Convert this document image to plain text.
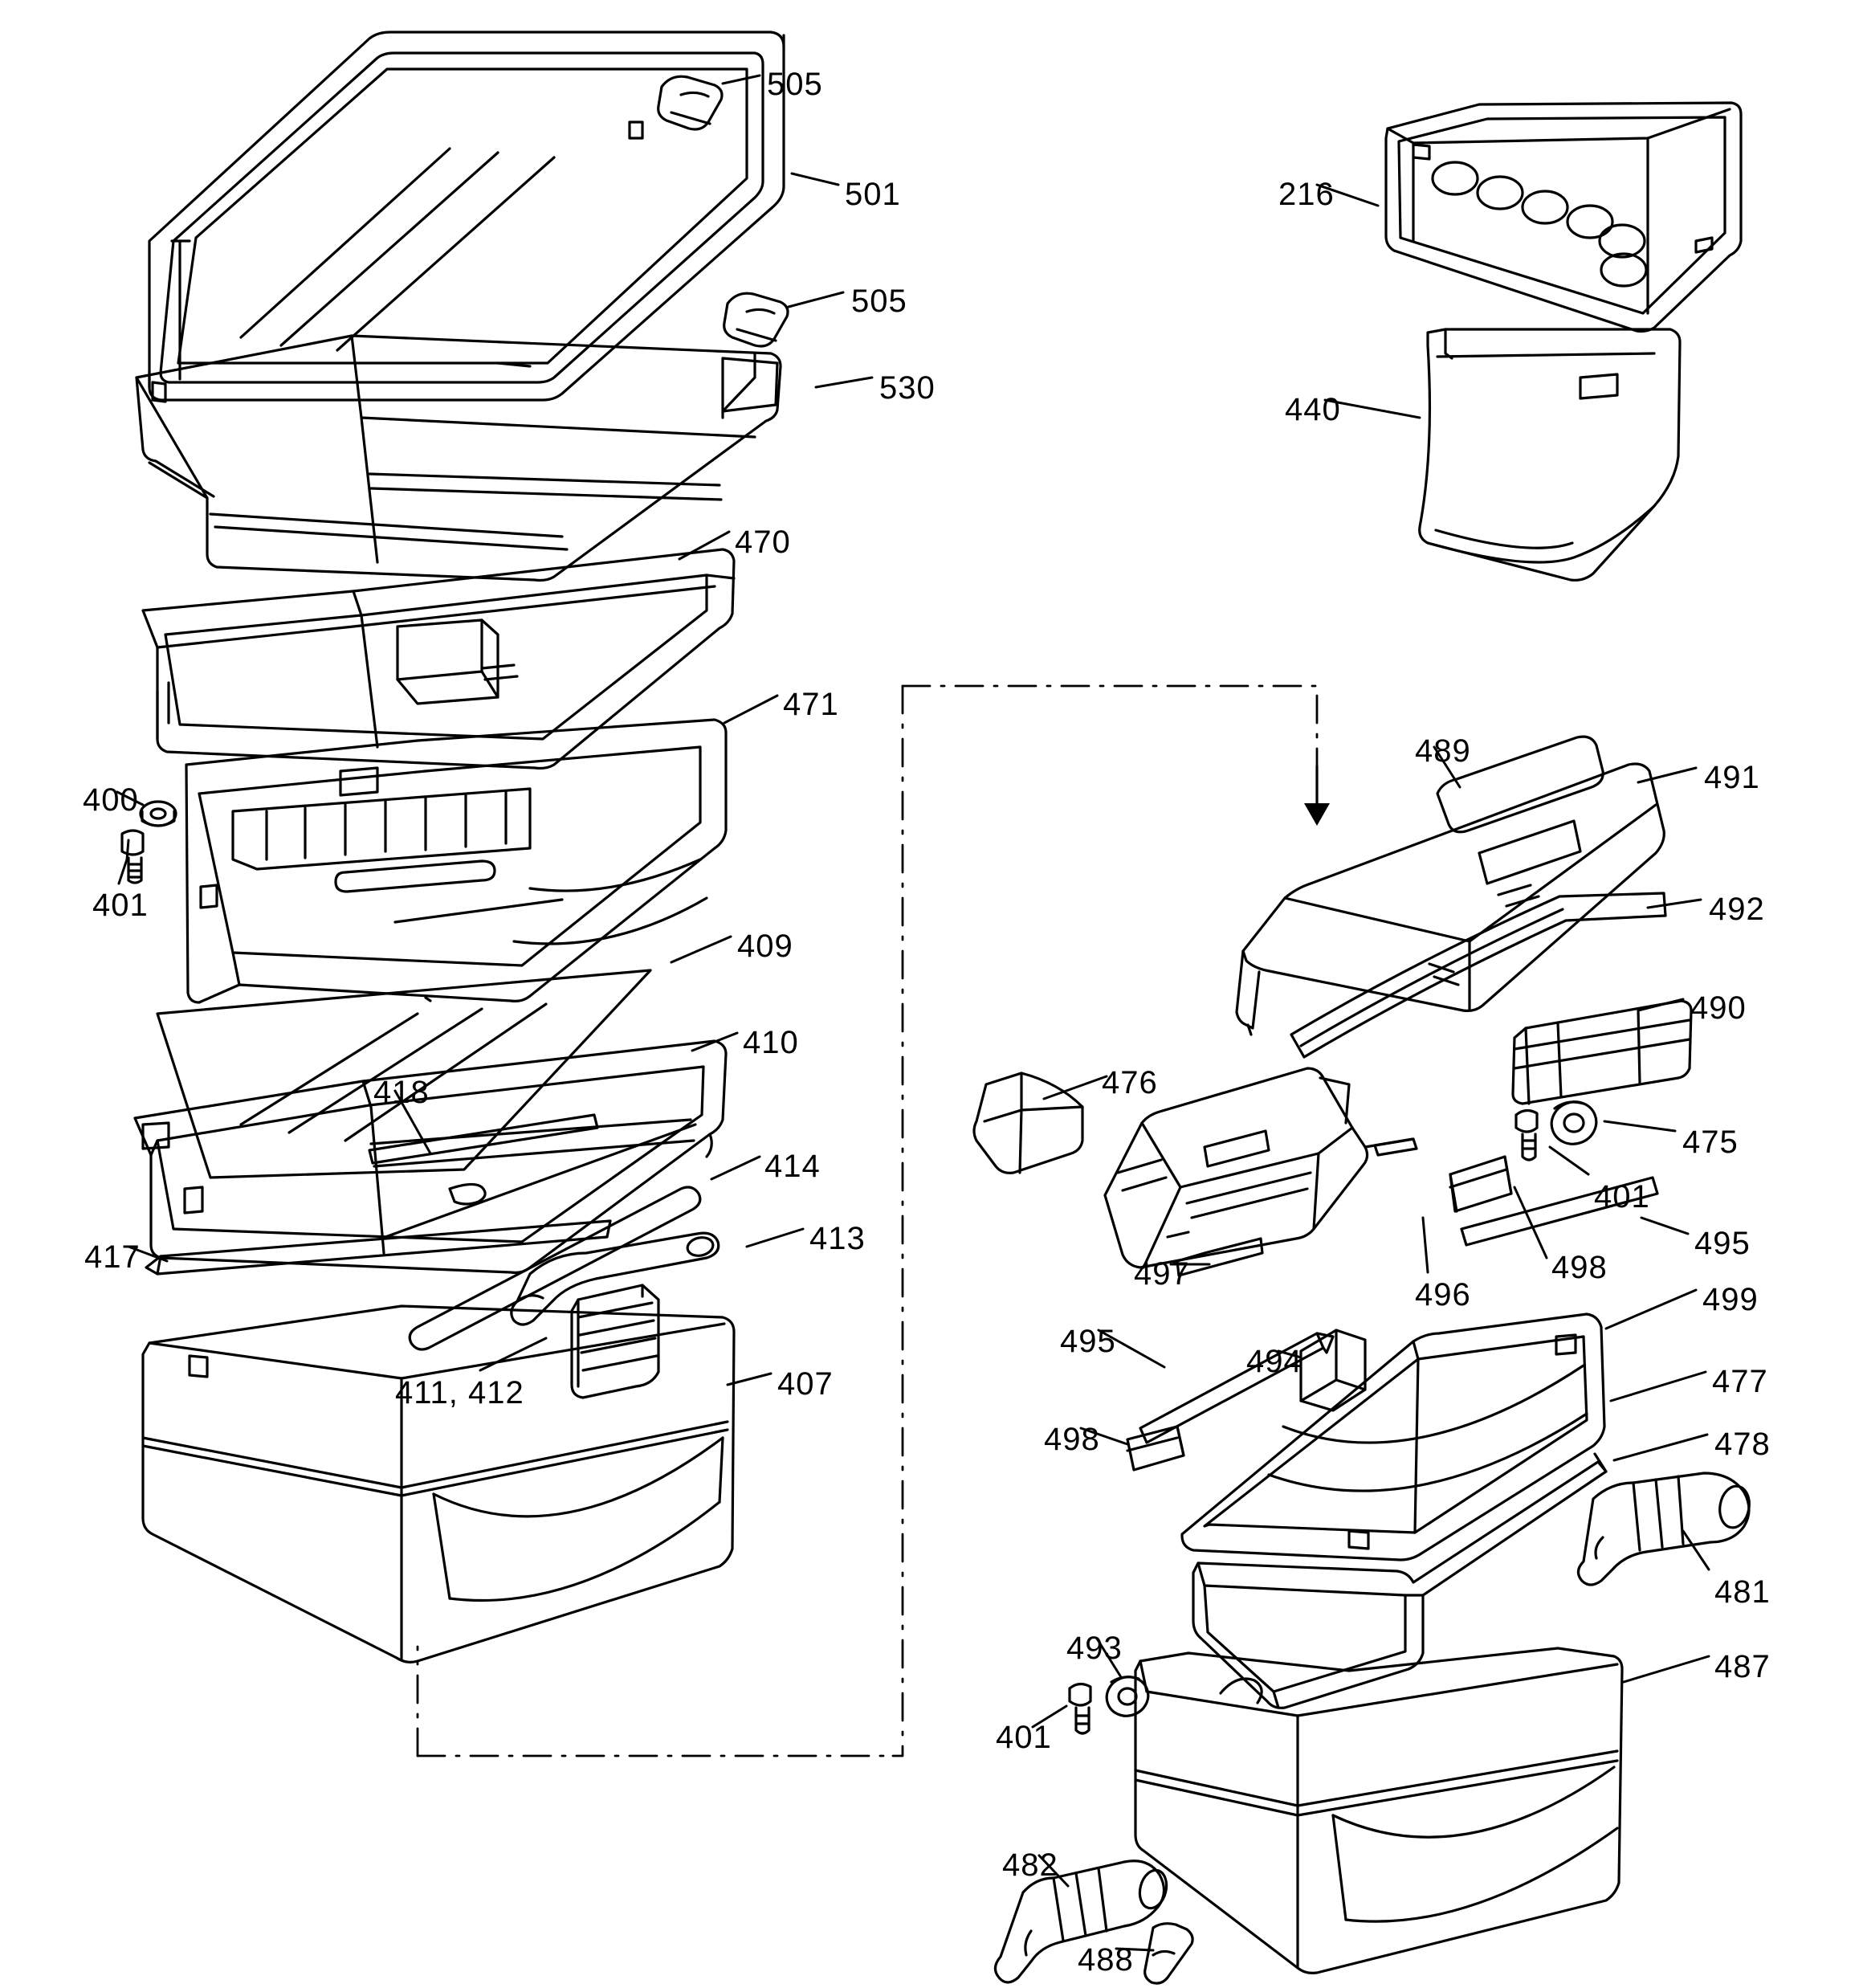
505
501
505
530
470
471
400
401
409
410
418
414
413
417
411, 412	407
216
440
489
491
492
490
476
475
401
495
497
496
498
499
495
494
477
498	478
481
493
487
401
482
488
